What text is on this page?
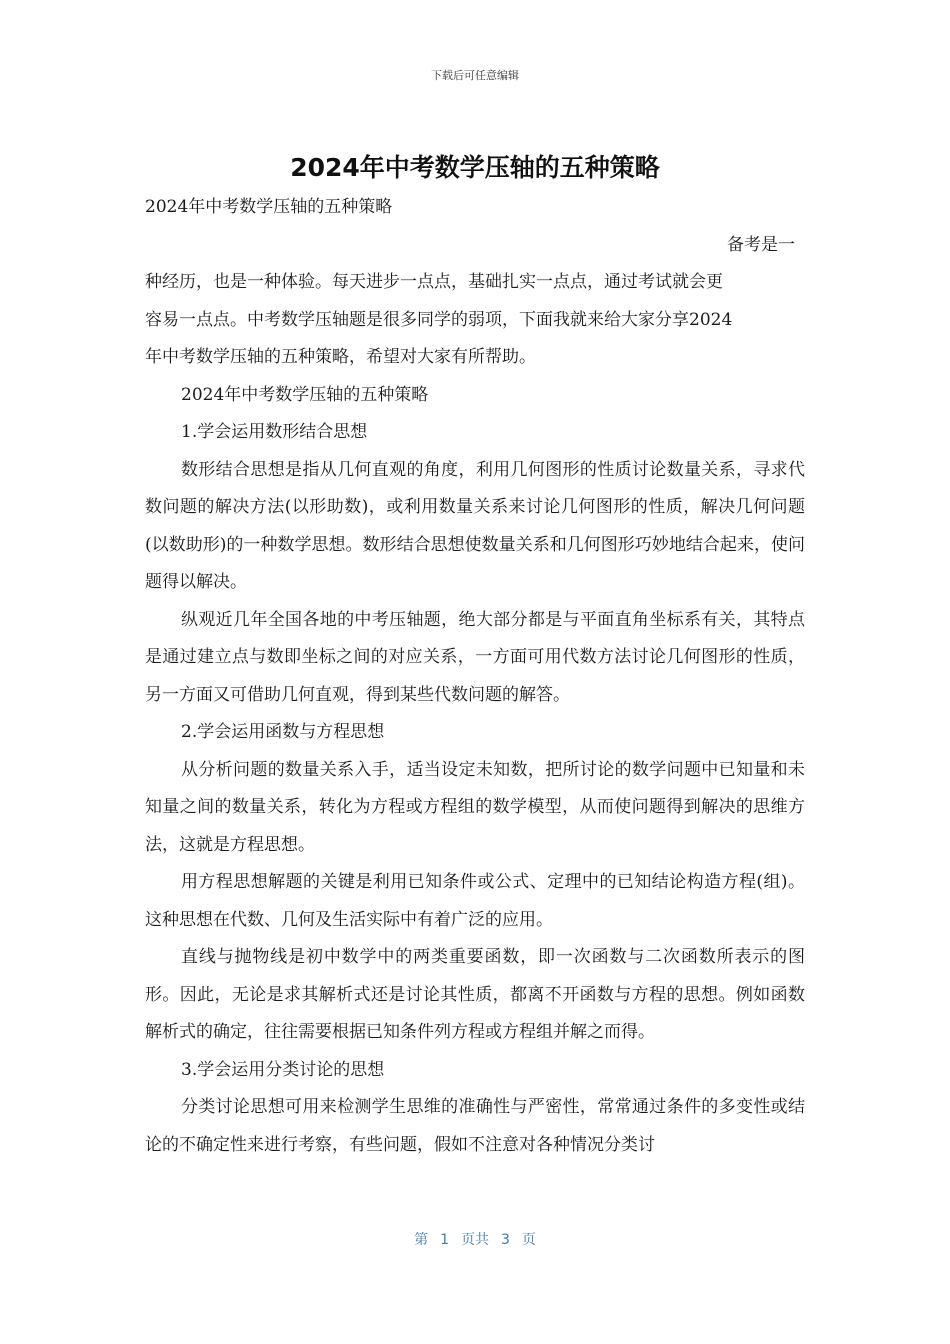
下载后可任意编辑
2024年中考数学压轴的五种策略

2024年中考数学压轴的五种策略

备考是一

种经历，也是一种体验。每天进步一点点，基础扎实一点点，通过考试就会更

容易一点点。中考数学压轴题是很多同学的弱项，下面我就来给大家分享2024

年中考数学压轴的五种策略，希望对大家有所帮助。

2024年中考数学压轴的五种策略

1.学会运用数形结合思想

数形结合思想是指从几何直观的角度，利用几何图形的性质讨论数量关系，寻求代数问题的解决方法(以形助数)，或利用数量关系来讨论几何图形的性质，解决几何问题(以数助形)的一种数学思想。数形结合思想使数量关系和几何图形巧妙地结合起来，使问题得以解决。

纵观近几年全国各地的中考压轴题，绝大部分都是与平面直角坐标系有关，其特点是通过建立点与数即坐标之间的对应关系，一方面可用代数方法讨论几何图形的性质，另一方面又可借助几何直观，得到某些代数问题的解答。

2.学会运用函数与方程思想

从分析问题的数量关系入手，适当设定未知数，把所讨论的数学问题中已知量和未知量之间的数量关系，转化为方程或方程组的数学模型，从而使问题得到解决的思维方法，这就是方程思想。

用方程思想解题的关键是利用已知条件或公式、定理中的已知结论构造方程(组)。这种思想在代数、几何及生活实际中有着广泛的应用。

直线与抛物线是初中数学中的两类重要函数，即一次函数与二次函数所表示的图形。因此，无论是求其解析式还是讨论其性质，都离不开函数与方程的思想。例如函数解析式的确定，往往需要根据已知条件列方程或方程组并解之而得。

3.学会运用分类讨论的思想

分类讨论思想可用来检测学生思维的准确性与严密性，常常通过条件的多变性或结论的不确定性来进行考察，有些问题，假如不注意对各种情况分类讨

第 1 页共 3 页
